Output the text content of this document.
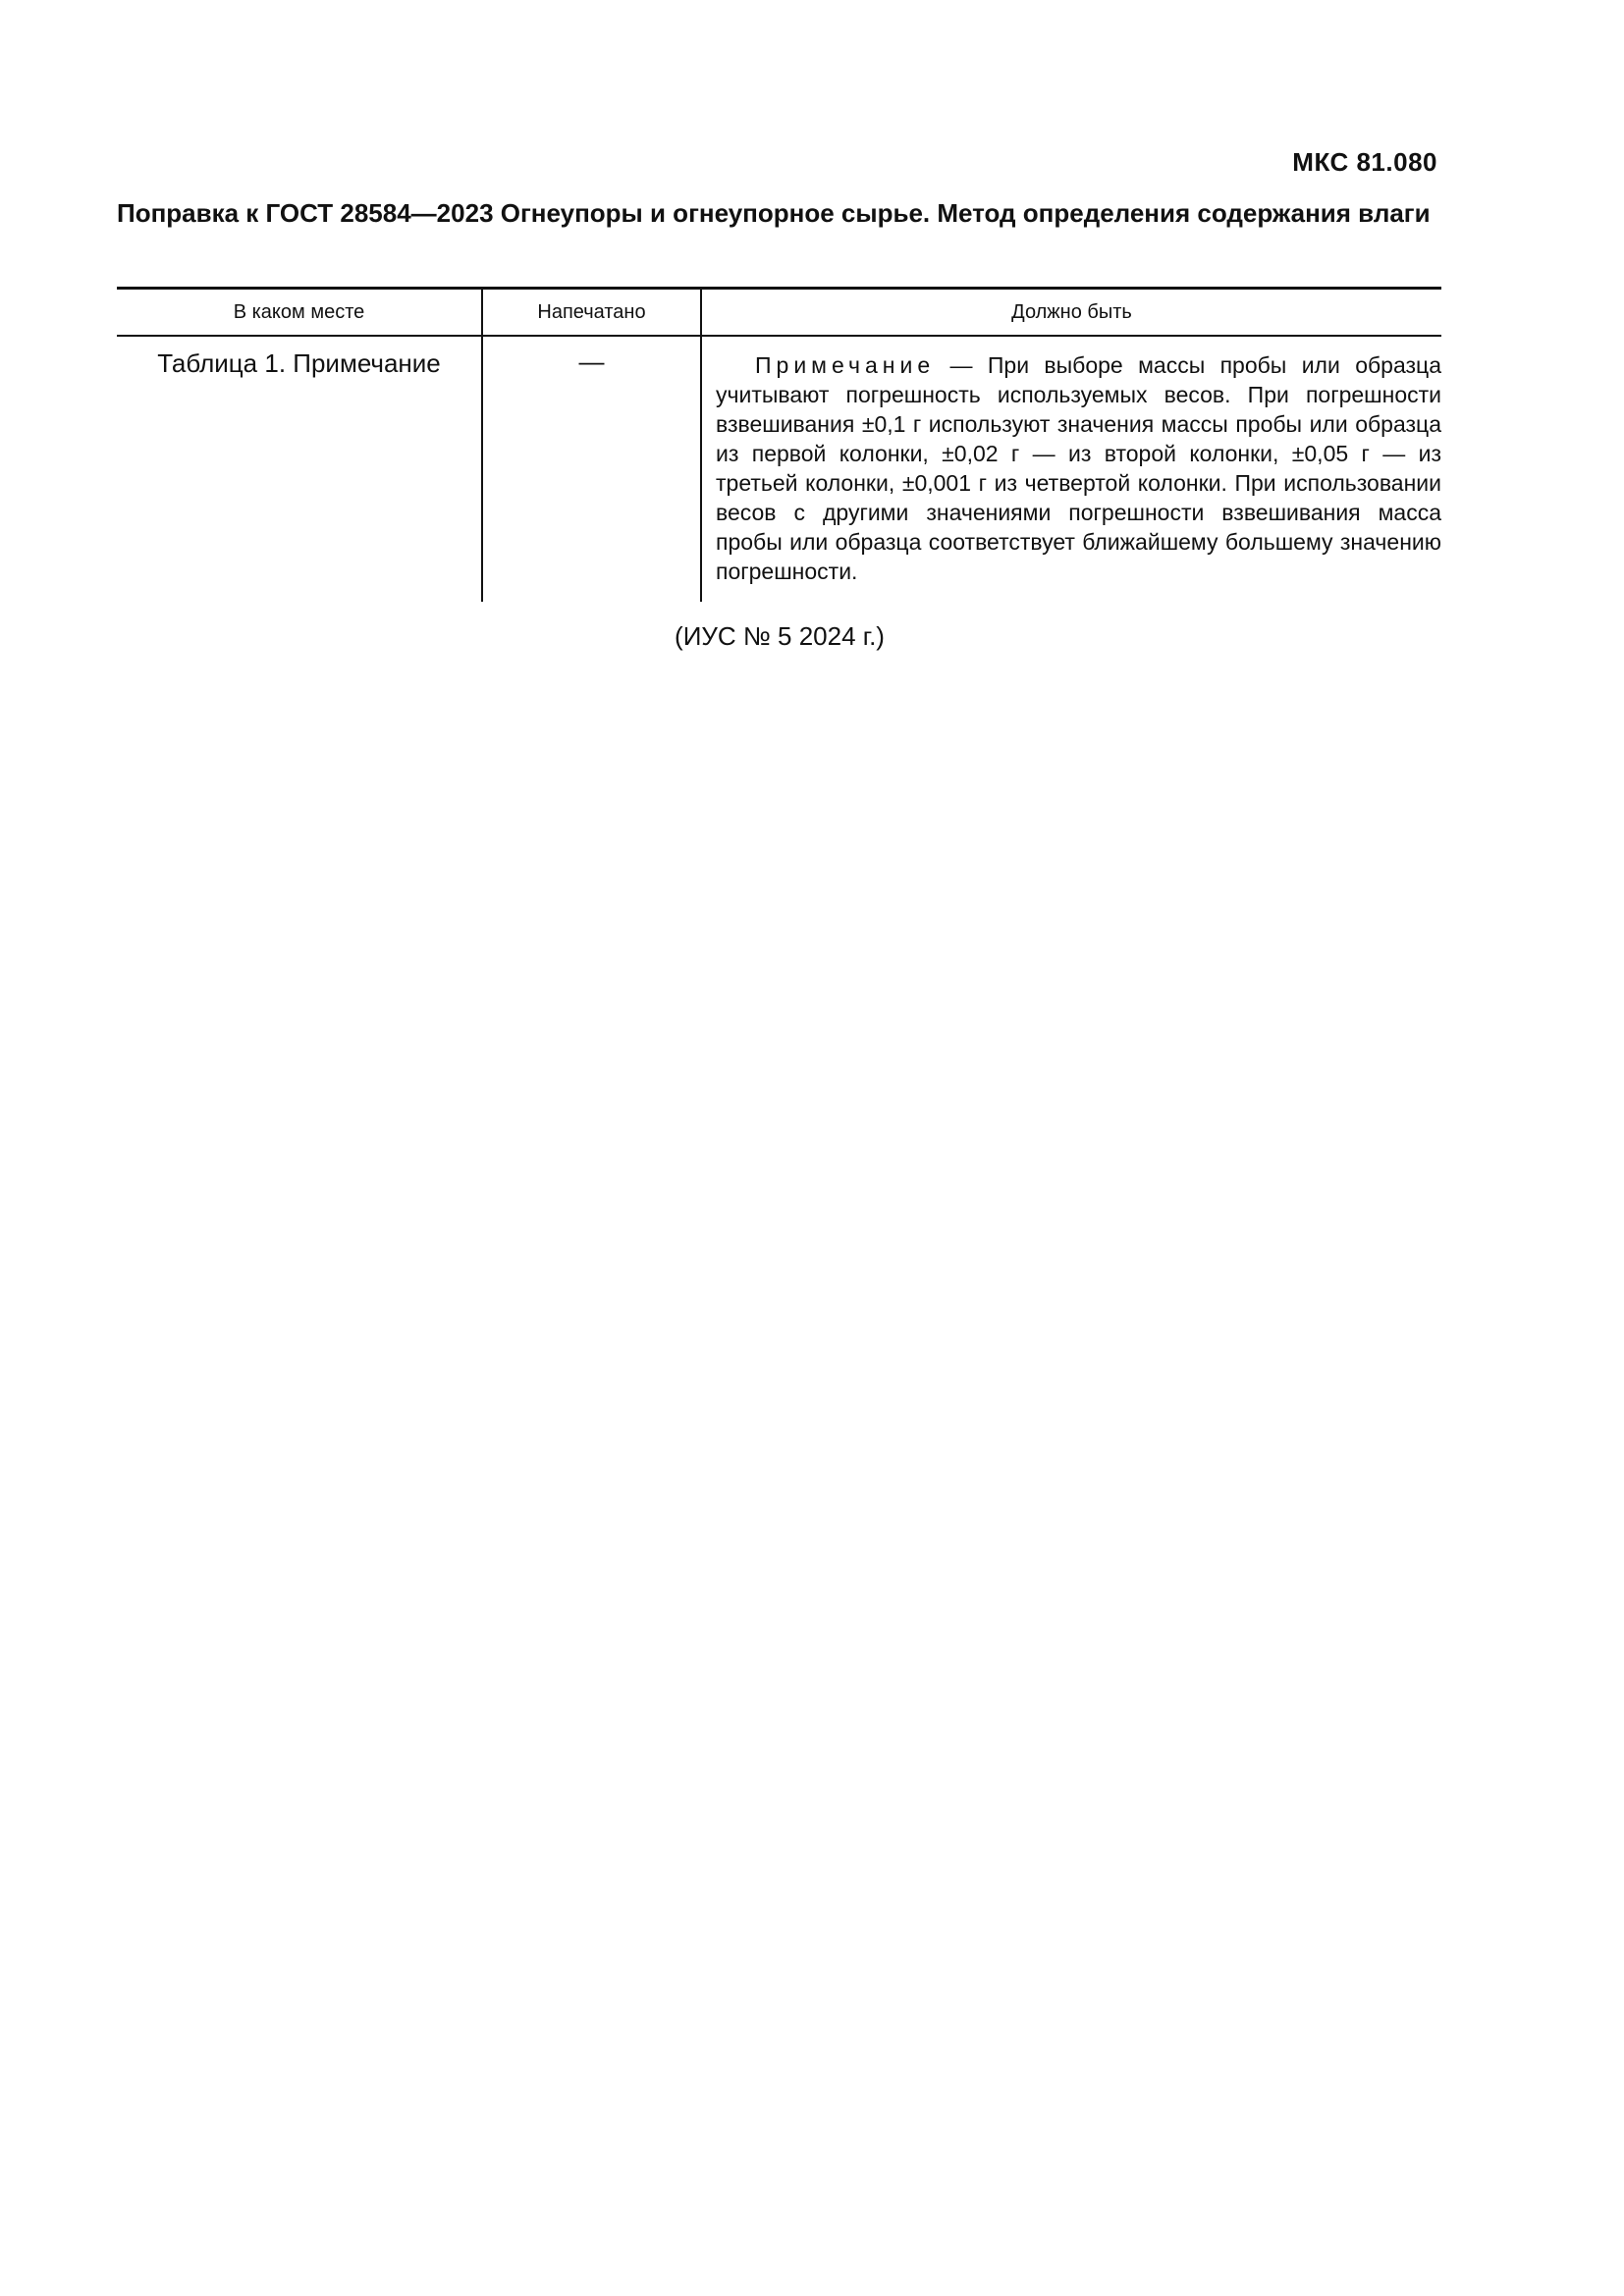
МКС 81.080
Поправка к ГОСТ 28584—2023 Огнеупоры и огнеупорное сырье. Метод определения содержания влаги
В каком месте	Напечатано	Должно быть
Таблица 1. Примечание	—	Примечание — При выборе массы пробы или образца учитывают погрешность используемых весов. При погрешности взвешивания ±0,1 г используют значения массы пробы или образца из первой колонки, ±0,02 г — из второй колонки, ±0,05 г — из третьей колонки, ±0,001 г из четвертой колонки. При использовании весов с другими значениями погрешности взвешивания масса пробы или образца соответствует ближайшему большему значению погрешности.
(ИУС № 5 2024 г.)
